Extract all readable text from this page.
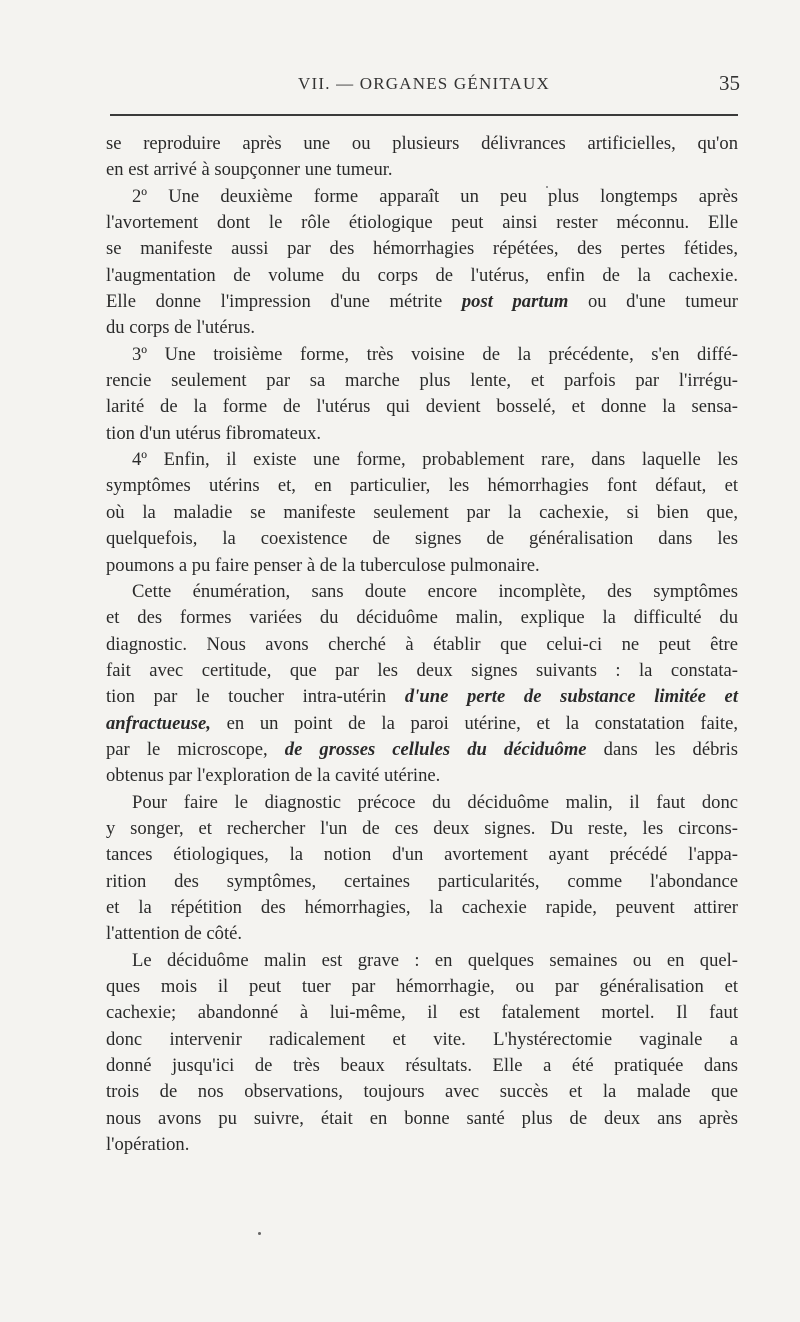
VII. — ORGANES GÉNITAUX	35

se reproduire après une ou plusieurs délivrances artificielles, qu'on
en est arrivé à soupçonner une tumeur.

2º Une deuxième forme apparaît un peu plus longtemps après
l'avortement dont le rôle étiologique peut ainsi rester méconnu. Elle
se manifeste aussi par des hémorrhagies répétées, des pertes fétides,
l'augmentation de volume du corps de l'utérus, enfin de la cachexie.
Elle donne l'impression d'une métrite post partum ou d'une tumeur
du corps de l'utérus.

3º Une troisième forme, très voisine de la précédente, s'en diffé-
rencie seulement par sa marche plus lente, et parfois par l'irrégu-
larité de la forme de l'utérus qui devient bosselé, et donne la sensa-
tion d'un utérus fibromateux.

4º Enfin, il existe une forme, probablement rare, dans laquelle les
symptômes utérins et, en particulier, les hémorrhagies font défaut, et
où la maladie se manifeste seulement par la cachexie, si bien que,
quelquefois, la coexistence de signes de généralisation dans les
poumons a pu faire penser à de la tuberculose pulmonaire.

Cette énumération, sans doute encore incomplète, des symptômes
et des formes variées du déciduôme malin, explique la difficulté du
diagnostic. Nous avons cherché à établir que celui-ci ne peut être
fait avec certitude, que par les deux signes suivants : la constata-
tion par le toucher intra-utérin d'une perte de substance limitée et
anfractueuse, en un point de la paroi utérine, et la constatation faite,
par le microscope, de grosses cellules du déciduôme dans les débris
obtenus par l'exploration de la cavité utérine.

Pour faire le diagnostic précoce du déciduôme malin, il faut donc
y songer, et rechercher l'un de ces deux signes. Du reste, les circons-
tances étiologiques, la notion d'un avortement ayant précédé l'appa-
rition des symptômes, certaines particularités, comme l'abondance
et la répétition des hémorrhagies, la cachexie rapide, peuvent attirer
l'attention de côté.

Le déciduôme malin est grave : en quelques semaines ou en quel-
ques mois il peut tuer par hémorrhagie, ou par généralisation et
cachexie; abandonné à lui-même, il est fatalement mortel. Il faut
donc intervenir radicalement et vite. L'hystérectomie vaginale a
donné jusqu'ici de très beaux résultats. Elle a été pratiquée dans
trois de nos observations, toujours avec succès et la malade que
nous avons pu suivre, était en bonne santé plus de deux ans après
l'opération.
